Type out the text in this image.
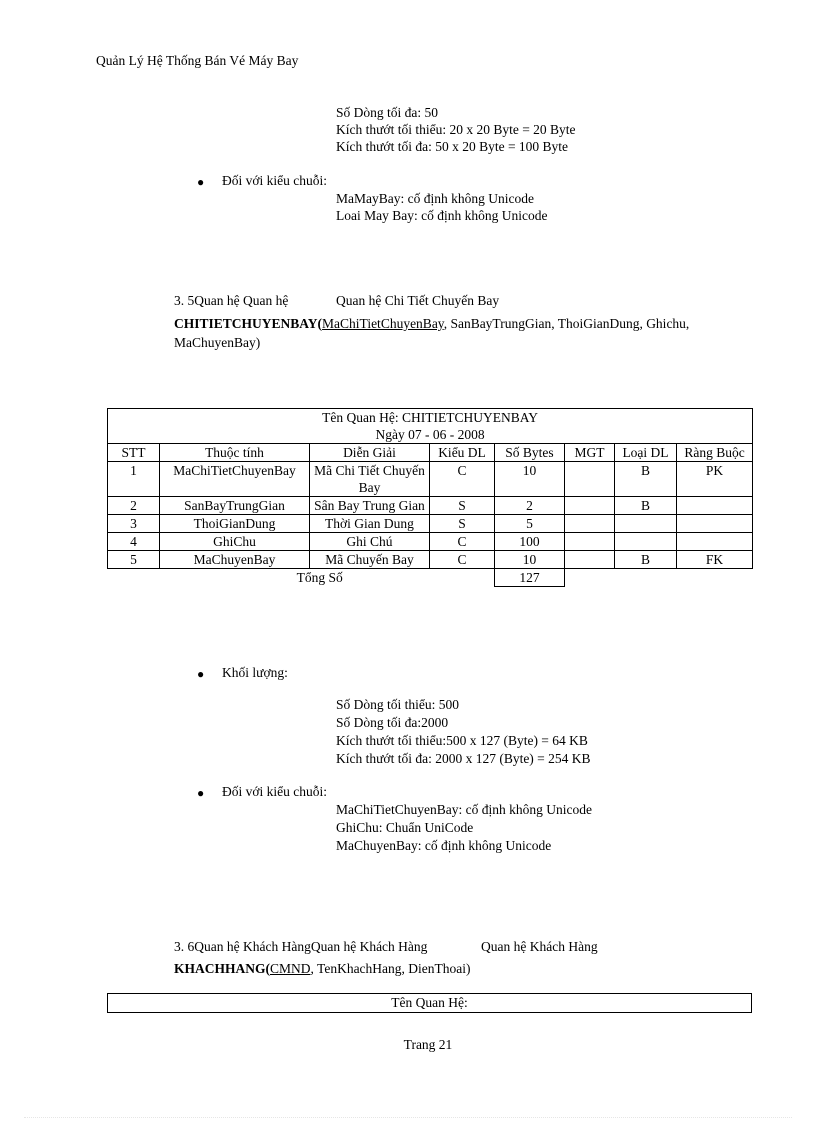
Quản Lý Hệ Thống Bán Vé Máy Bay
Số Dòng tối đa: 50
Kích thướt tối thiểu: 20 x 20 Byte = 20 Byte
Kích thướt tối đa: 50 x 20 Byte = 100 Byte
● Đối với kiểu chuỗi:
MaMayBay: cố định không Unicode
Loai May Bay: cố định không Unicode
3. 5Quan hệ Quan hệ	Quan hệ Chi Tiết Chuyến Bay
CHITIETCHUYENBAY(MaChiTietChuyenBay, SanBayTrungGian, ThoiGianDung, Ghichu,
MaChuyenBay)
Tên Quan Hệ: CHITIETCHUYENBAY
Ngày 07 - 06 - 2008							

STT	Thuộc tính	Diễn Giải	Kiểu DL	Số Bytes	MGT	Loại DL	Ràng Buộc
1	MaChiTietChuyenBay	Mã Chi Tiết Chuyến Bay	C	10		B	PK
2	SanBayTrungGian	Sân Bay Trung Gian	S	2		B	
3	ThoiGianDung	Thời Gian Dung	S	5			
4	GhiChu	Ghi Chú	C	100			
5	MaChuyenBay	Mã Chuyến Bay	C	10		B	FK
Tổng Số				127			
● Khối lượng:
Số Dòng tối thiểu: 500
Số Dòng tối đa:2000
Kích thướt tối thiểu:500 x 127 (Byte) = 64 KB
Kích thướt tối đa: 2000 x 127 (Byte) = 254 KB
● Đối với kiểu chuỗi:
MaChiTietChuyenBay: cố định không Unicode
GhiChu: Chuẩn UniCode
MaChuyenBay: cố định không Unicode
3. 6Quan hệ Khách HàngQuan hệ Khách Hàng	Quan hệ Khách Hàng
KHACHHANG(CMND, TenKhachHang, DienThoai)
Tên Quan Hệ:
Trang 21
